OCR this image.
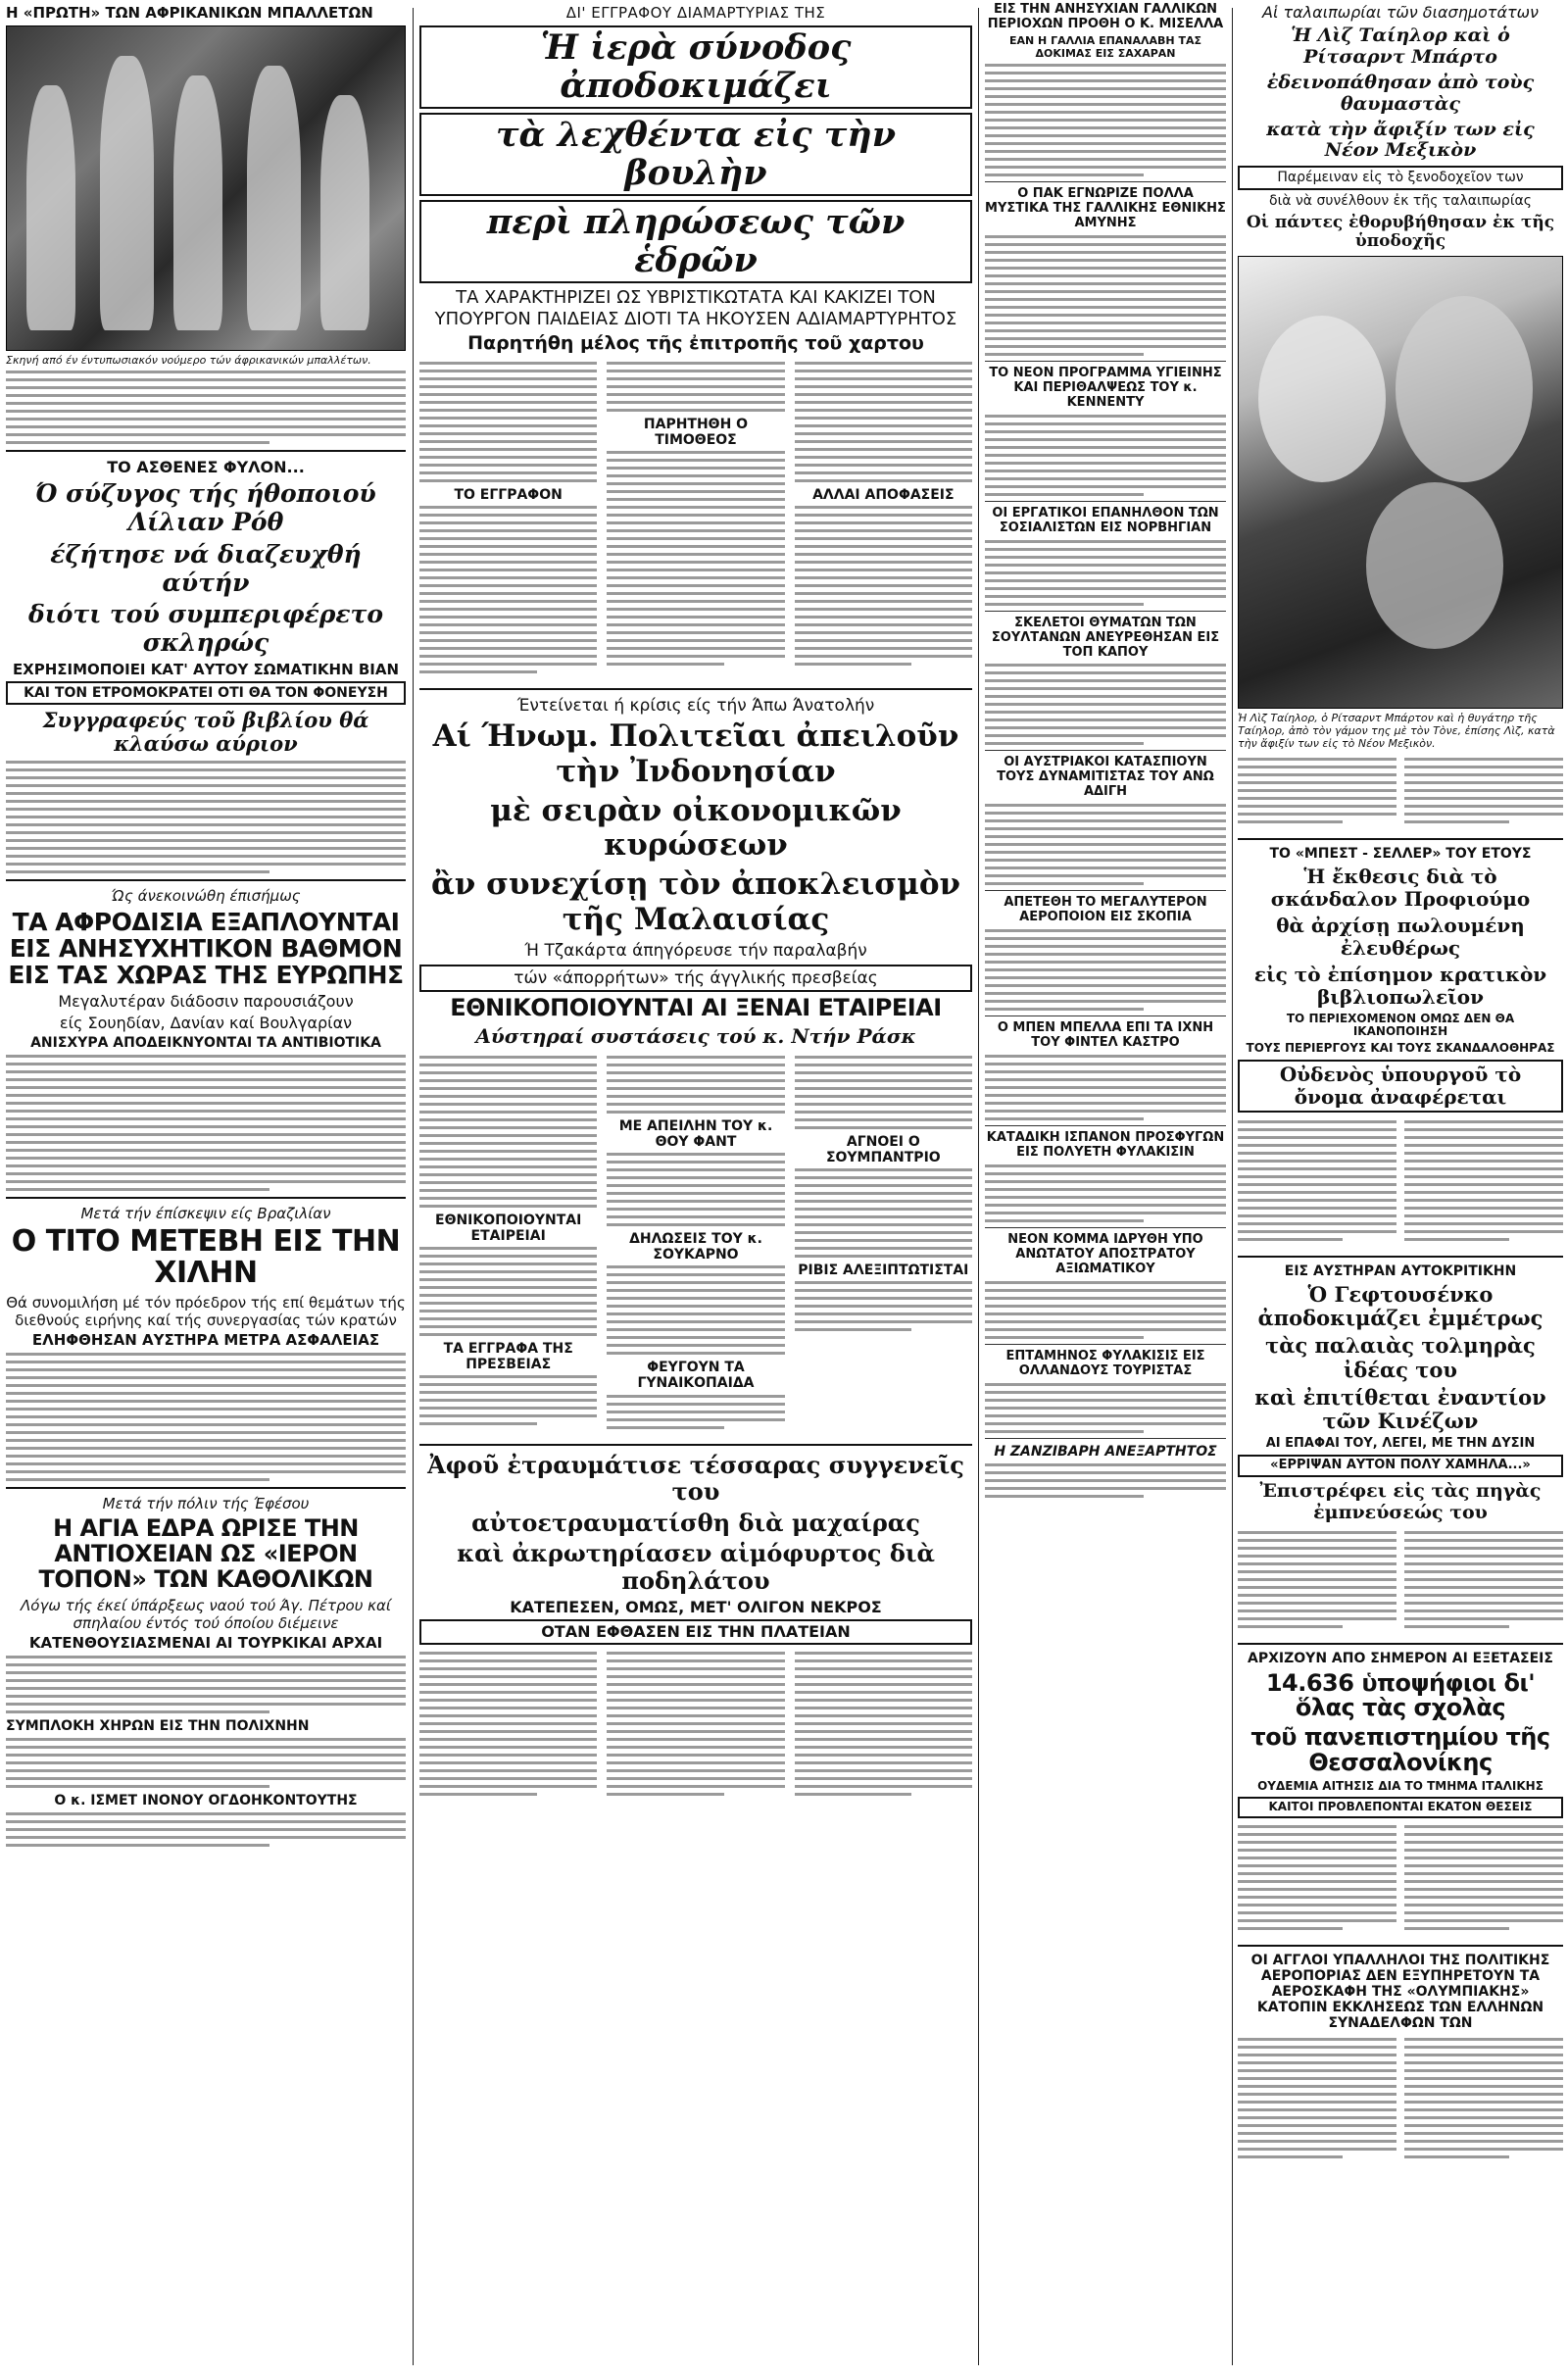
Η «ΠΡΩΤΗ» ΤΩΝ ΑΦΡΙΚΑΝΙΚΩΝ ΜΠΑΛΛΕΤΩΝ
Σκηνή από έν έντυπωσιακόν νούμερο τών άφρικανικών μπαλλέτων.
ΤΟ ΑΣΘΕΝΕΣ ΦΥΛΟΝ...
Ό σύζυγος τής ήθοποιού Λίλιαν Ρόθ
έζήτησε νά διαζευχθή αύτήν
διότι τού συμπεριφέρετο σκληρώς
ΕΧΡΗΣΙΜΟΠΟΙΕΙ ΚΑΤ' ΑΥΤΟΥ ΣΩΜΑΤΙΚΗΝ ΒΙΑΝ
ΚΑΙ ΤΟΝ ΕΤΡΟΜΟΚΡΑΤΕΙ ΟΤΙ ΘΑ ΤΟΝ ΦΟΝΕΥΣΗ
Συγγραφεύς τοῦ βιβλίου θά κλαύσω αύριον
Ώς άνεκοινώθη έπισήμως
ΤΑ ΑΦΡΟΔΙΣΙΑ ΕΞΑΠΛΟΥΝΤΑΙ ΕΙΣ ΑΝΗΣΥΧΗΤΙΚΟΝ ΒΑΘΜΟΝ ΕΙΣ ΤΑΣ ΧΩΡΑΣ ΤΗΣ ΕΥΡΩΠΗΣ
Μεγαλυτέραν διάδοσιν παρουσιάζουν
είς Σουηδίαν, Δανίαν καί Βουλγαρίαν
ΑΝΙΣΧΥΡΑ ΑΠΟΔΕΙΚΝΥΟΝΤΑΙ ΤΑ ΑΝΤΙΒΙΟΤΙΚΑ
Μετά τήν έπίσκεψιν είς Βραζιλίαν
Ο ΤΙΤΟ ΜΕΤΕΒΗ ΕΙΣ ΤΗΝ ΧΙΛΗΝ
Θά συνομιλήση μέ τόν πρόεδρον τής επί θεμάτων τής διεθνούς ειρήνης καί τής συνεργασίας τών κρατών
ΕΛΗΦΘΗΣΑΝ ΑΥΣΤΗΡΑ ΜΕΤΡΑ ΑΣΦΑΛΕΙΑΣ
Μετά τήν πόλιν τής Έφέσου
Η ΑΓΙΑ ΕΔΡΑ ΩΡΙΣΕ ΤΗΝ ΑΝΤΙΟΧΕΙΑΝ ΩΣ «ΙΕΡΟΝ ΤΟΠΟΝ» ΤΩΝ ΚΑΘΟΛΙΚΩΝ
Λόγω τής έκεί ύπάρξεως ναού τού Άγ. Πέτρου καί σπηλαίου έντός τού όποίου διέμεινε
ΚΑΤΕΝΘΟΥΣΙΑΣΜΕΝΑΙ ΑΙ ΤΟΥΡΚΙΚΑΙ ΑΡΧΑΙ
ΣΥΜΠΛΟΚΗ ΧΗΡΩΝ ΕΙΣ ΤΗΝ ΠΟΛΙΧΝΗΝ
Ο κ. ΙΣΜΕΤ ΙΝΟΝΟΥ ΟΓΔΟΗΚΟΝΤΟΥΤΗΣ
ΔΙ' ΕΓΓΡΑΦΟΥ ΔΙΑΜΑΡΤΥΡΙΑΣ ΤΗΣ
Ἡ ἱερὰ σύνοδος ἀποδοκιμάζει
τὰ λεχθέντα εἰς τὴν βουλὴν
περὶ πληρώσεως τῶν ἑδρῶν
ΤΑ ΧΑΡΑΚΤΗΡΙΖΕΙ ΩΣ ΥΒΡΙΣΤΙΚΩΤΑΤΑ ΚΑΙ ΚΑΚΙΖΕΙ ΤΟΝ ΥΠΟΥΡΓΟΝ ΠΑΙΔΕΙΑΣ ΔΙΟΤΙ ΤΑ ΗΚΟΥΣΕΝ ΑΔΙΑΜΑΡΤΥΡΗΤΟΣ
Παρητήθη μέλος τῆς ἐπιτροπῆς τοῦ χαρτου
ΤΟ ΕΓΓΡΑΦΟΝ
ΠΑΡΗΤΗΘΗ Ο ΤΙΜΟΘΕΟΣ
ΑΛΛΑΙ ΑΠΟΦΑΣΕΙΣ
Έντείνεται ή κρίσις είς τήν Άπω Άνατολήν
Αί Ήνωμ. Πολιτεῖαι ἀπειλοῦν τὴν Ἰνδονησίαν
μὲ σειρὰν οἰκονομικῶν κυρώσεων
ἂν συνεχίσῃ τὸν ἀποκλεισμὸν τῆς Μαλαισίας
Ή Τζακάρτα άπηγόρευσε τήν παραλαβήν
τών «άπορρήτων» τής άγγλικής πρεσβείας
ΕΘΝΙΚΟΠΟΙΟΥΝΤΑΙ ΑΙ ΞΕΝΑΙ ΕΤΑΙΡΕΙΑΙ
Αύστηραί συστάσεις τού κ. Ντήν Ράσκ
ΕΘΝΙΚΟΠΟΙΟΥΝΤΑΙ ΕΤΑΙΡΕΙΑΙ
ΤΑ ΕΓΓΡΑΦΑ ΤΗΣ ΠΡΕΣΒΕΙΑΣ
ΜΕ ΑΠΕΙΛΗΝ ΤΟΥ κ. ΘΟΥ ΦΑΝΤ
ΔΗΛΩΣΕΙΣ ΤΟΥ κ. ΣΟΥΚΑΡΝΟ
ΦΕΥΓΟΥΝ ΤΑ ΓΥΝΑΙΚΟΠΑΙΔΑ
ΑΓΝΟΕΙ Ο ΣΟΥΜΠΑΝΤΡΙΟ
ΡΙΒΙΣ ΑΛΕΞΙΠΤΩΤΙΣΤΑΙ
Ἀφοῦ ἐτραυμάτισε τέσσαρας συγγενεῖς του
αὐτοετραυματίσθη διὰ μαχαίρας
καὶ ἀκρωτηρίασεν αἱμόφυρτος διὰ ποδηλάτου
ΚΑΤΕΠΕΣΕΝ, ΟΜΩΣ, ΜΕΤ' ΟΛΙΓΟΝ ΝΕΚΡΟΣ
ΟΤΑΝ ΕΦΘΑΣΕΝ ΕΙΣ ΤΗΝ ΠΛΑΤΕΙΑΝ
ΕΙΣ ΤΗΝ ΑΝΗΣΥΧΙΑΝ ΓΑΛΛΙΚΩΝ ΠΕΡΙΟΧΩΝ ΠΡΟΘΗ Ο Κ. ΜΙΣΕΛΛΑ
ΕΑΝ Η ΓΑΛΛΙΑ ΕΠΑΝΑΛΑΒΗ ΤΑΣ ΔΟΚΙΜΑΣ ΕΙΣ ΣΑΧΑΡΑΝ
Ο ΠΑΚ ΕΓΝΩΡΙΖΕ ΠΟΛΛΑ ΜΥΣΤΙΚΑ ΤΗΣ ΓΑΛΛΙΚΗΣ ΕΘΝΙΚΗΣ ΑΜΥΝΗΣ
ΤΟ ΝΕΟΝ ΠΡΟΓΡΑΜΜΑ ΥΓΙΕΙΝΗΣ ΚΑΙ ΠΕΡΙΘΑΛΨΕΩΣ ΤΟΥ κ. ΚΕΝΝΕΝΤΥ
ΟΙ ΕΡΓΑΤΙΚΟΙ ΕΠΑΝΗΛΘΟΝ ΤΩΝ ΣΟΣΙΑΛΙΣΤΩΝ ΕΙΣ ΝΟΡΒΗΓΙΑΝ
ΣΚΕΛΕΤΟΙ ΘΥΜΑΤΩΝ ΤΩΝ ΣΟΥΛΤΑΝΩΝ ΑΝΕΥΡΕΘΗΣΑΝ ΕΙΣ ΤΟΠ ΚΑΠΟΥ
ΟΙ ΑΥΣΤΡΙΑΚΟΙ ΚΑΤΑΣΠΙΟΥΝ ΤΟΥΣ ΔΥΝΑΜΙΤΙΣΤΑΣ ΤΟΥ ΑΝΩ ΑΔΙΓΗ
ΑΠΕΤΕΘΗ ΤΟ ΜΕΓΑΛΥΤΕΡΟΝ ΑΕΡΟΠΟΙΟΝ ΕΙΣ ΣΚΟΠΙΑ
Ο ΜΠΕΝ ΜΠΕΛΛΑ ΕΠΙ ΤΑ ΙΧΝΗ ΤΟΥ ΦΙΝΤΕΛ ΚΑΣΤΡΟ
ΚΑΤΑΔΙΚΗ ΙΣΠΑΝΟΝ ΠΡΟΣΦΥΓΩΝ ΕΙΣ ΠΟΛΥΕΤΗ ΦΥΛΑΚΙΣΙΝ
ΝΕΟΝ ΚΟΜΜΑ ΙΔΡΥΘΗ ΥΠΟ ΑΝΩΤΑΤΟΥ ΑΠΟΣΤΡΑΤΟΥ ΑΞΙΩΜΑΤΙΚΟΥ
ΕΠΤΑΜΗΝΟΣ ΦΥΛΑΚΙΣΙΣ ΕΙΣ ΟΛΛΑΝΔΟΥΣ ΤΟΥΡΙΣΤΑΣ
Η ΖΑΝΖΙΒΑΡΗ ΑΝΕΞΑΡΤΗΤΟΣ
Αἱ ταλαιπωρίαι τῶν διασημοτάτων
Ἡ Λὶζ Ταίηλορ καὶ ὁ Ρίτσαρντ Μπάρτο
ἐδεινοπάθησαν ἀπὸ τοὺς θαυμαστὰς
κατὰ τὴν ἄφιξίν των εἰς Νέον Μεξικὸν
Παρέμειναν εἰς τὸ ξενοδοχεῖον των
διὰ νὰ συνέλθουν ἐκ τῆς ταλαιπωρίας
Οἱ πάντες ἐθορυβήθησαν ἐκ τῆς ὑποδοχῆς
Ἡ Λὶζ Ταίηλορ, ὁ Ρίτσαρντ Μπάρτον καὶ ἡ θυγάτηρ τῆς Ταίηλορ, ἀπὸ τὸν γάμον της μὲ τὸν Τὸνε, ἐπίσης Λὶζ, κατὰ τὴν ἄφιξίν των εἰς τὸ Νέον Μεξικὸν.
ΤΟ «ΜΠΕΣΤ - ΣΕΛΛΕΡ» ΤΟΥ ΕΤΟΥΣ
Ἡ ἔκθεσις διὰ τὸ σκάνδαλον Προφιούμο
θὰ ἀρχίσῃ πωλουμένη ἐλευθέρως
εἰς τὸ ἐπίσημον κρατικὸν βιβλιοπωλεῖον
ΤΟ ΠΕΡΙΕΧΟΜΕΝΟΝ ΟΜΩΣ ΔΕΝ ΘΑ ΙΚΑΝΟΠΟΙΗΣΗ
ΤΟΥΣ ΠΕΡΙΕΡΓΟΥΣ ΚΑΙ ΤΟΥΣ ΣΚΑΝΔΑΛΟΘΗΡΑΣ
Οὐδενὸς ὑπουργοῦ τὸ ὄνομα ἀναφέρεται
ΕΙΣ ΑΥΣΤΗΡΑΝ ΑΥΤΟΚΡΙΤΙΚΗΝ
Ὁ Γεφτουσένκο ἀποδοκιμάζει ἐμμέτρως
τὰς παλαιὰς τολμηρὰς ἰδέας του
καὶ ἐπιτίθεται ἐναντίον τῶν Κινέζων
ΑΙ ΕΠΑΦΑΙ ΤΟΥ, ΛΕΓΕΙ, ΜΕ ΤΗΝ ΔΥΣΙΝ
«ΕΡΡΙΨΑΝ ΑΥΤΟΝ ΠΟΛΥ ΧΑΜΗΛΑ...»
Ἐπιστρέφει εἰς τὰς πηγὰς ἐμπνεύσεώς του
ΑΡΧΙΖΟΥΝ ΑΠΟ ΣΗΜΕΡΟΝ ΑΙ ΕΞΕΤΑΣΕΙΣ
14.636 ὑποψήφιοι δι' ὅλας τὰς σχολὰς
τοῦ πανεπιστημίου τῆς Θεσσαλονίκης
ΟΥΔΕΜΙΑ ΑΙΤΗΣΙΣ ΔΙΑ ΤΟ ΤΜΗΜΑ ΙΤΑΛΙΚΗΣ
ΚΑΙΤΟΙ ΠΡΟΒΛΕΠΟΝΤΑΙ ΕΚΑΤΟΝ ΘΕΣΕΙΣ
ΟΙ ΑΓΓΛΟΙ ΥΠΑΛΛΗΛΟΙ ΤΗΣ ΠΟΛΙΤΙΚΗΣ ΑΕΡΟΠΟΡΙΑΣ ΔΕΝ ΕΞΥΠΗΡΕΤΟΥΝ ΤΑ ΑΕΡΟΣΚΑΦΗ ΤΗΣ «ΟΛΥΜΠΙΑΚΗΣ» ΚΑΤΟΠΙΝ ΕΚΚΛΗΣΕΩΣ ΤΩΝ ΕΛΛΗΝΩΝ ΣΥΝΑΔΕΛΦΩΝ ΤΩΝ
